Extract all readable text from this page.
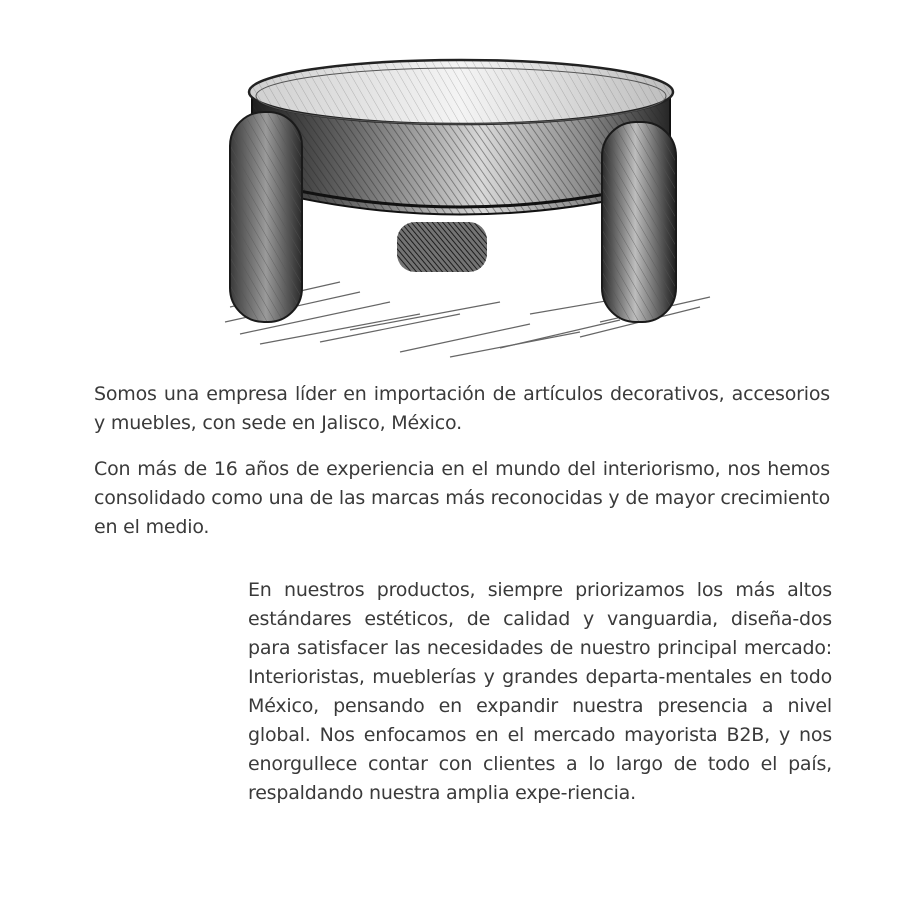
Somos una empresa líder en importación de artículos decorativos, accesorios y muebles, con sede en Jalisco, México.

Con más de 16 años de experiencia en el mundo del interiorismo, nos hemos consolidado como una de las marcas más reconocidas y de mayor crecimiento en el medio.

En nuestros productos, siempre priorizamos los más altos estándares estéticos, de calidad y vanguardia, diseña-dos para satisfacer las necesidades de nuestro principal mercado: Interioristas, mueblerías y grandes departa-mentales en todo México, pensando en expandir nuestra presencia a nivel global. Nos enfocamos en el mercado mayorista B2B, y nos enorgullece contar con clientes a lo largo de todo el país, respaldando nuestra amplia expe-riencia.
